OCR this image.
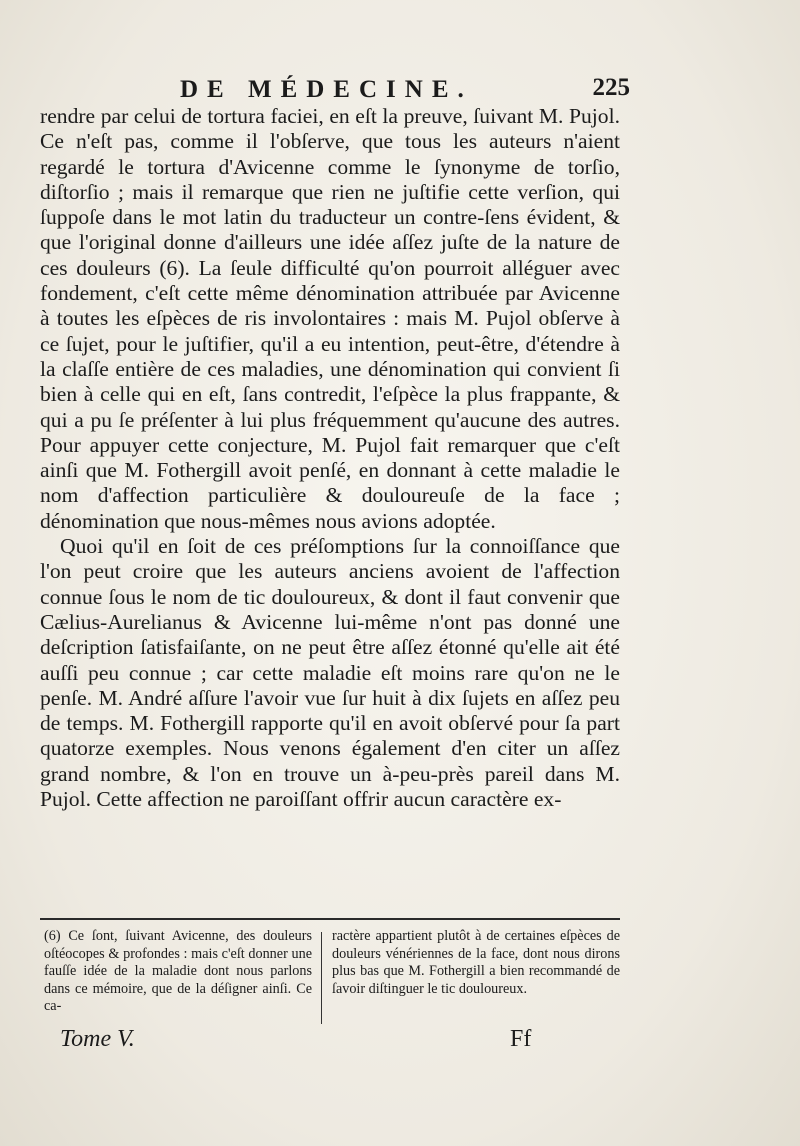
DE MÉDECINE.	225

rendre par celui de tortura faciei, en eſt la preuve, ſuivant M. Pujol. Ce n'eſt pas, comme il l'obſerve, que tous les auteurs n'aient regardé le tortura d'Avicenne comme le ſynonyme de torſio, diſtorſio ; mais il remarque que rien ne juſtifie cette verſion, qui ſuppoſe dans le mot latin du traducteur un contre-ſens évident, & que l'original donne d'ailleurs une idée aſſez juſte de la nature de ces douleurs (6). La ſeule difficulté qu'on pourroit alléguer avec fondement, c'eſt cette même dénomination attribuée par Avicenne à toutes les eſpèces de ris involontaires : mais M. Pujol obſerve à ce ſujet, pour le juſtifier, qu'il a eu intention, peut-être, d'étendre à la claſſe entière de ces maladies, une dénomination qui convient ſi bien à celle qui en eſt, ſans contredit, l'eſpèce la plus frappante, & qui a pu ſe préſenter à lui plus fréquemment qu'aucune des autres. Pour appuyer cette conjecture, M. Pujol fait remarquer que c'eſt ainſi que M. Fothergill avoit penſé, en donnant à cette maladie le nom d'affection particulière & douloureuſe de la face ; dénomination que nous-mêmes nous avions adoptée.

Quoi qu'il en ſoit de ces préſomptions ſur la connoiſſance que l'on peut croire que les auteurs anciens avoient de l'affection connue ſous le nom de tic douloureux, & dont il faut convenir que Cælius-Aurelianus & Avicenne lui-même n'ont pas donné une deſcription ſatisfaiſante, on ne peut être aſſez étonné qu'elle ait été auſſi peu connue ; car cette maladie eſt moins rare qu'on ne le penſe. M. André aſſure l'avoir vue ſur huit à dix ſujets en aſſez peu de temps. M. Fothergill rapporte qu'il en avoit obſervé pour ſa part quatorze exemples. Nous venons également d'en citer un aſſez grand nombre, & l'on en trouve un à-peu-près pareil dans M. Pujol. Cette affection ne paroiſſant offrir aucun caractère ex-

(6) Ce ſont, ſuivant Avicenne, des douleurs oſtéocopes & profondes : mais c'eſt donner une fauſſe idée de la maladie dont nous parlons dans ce mémoire, que de la déſigner ainſi. Ce ca-
ractère appartient plutôt à de certaines eſpèces de douleurs vénériennes de la face, dont nous dirons plus bas que M. Fothergill a bien recommandé de ſavoir diſtinguer le tic douloureux.
Tome V.	Ff
